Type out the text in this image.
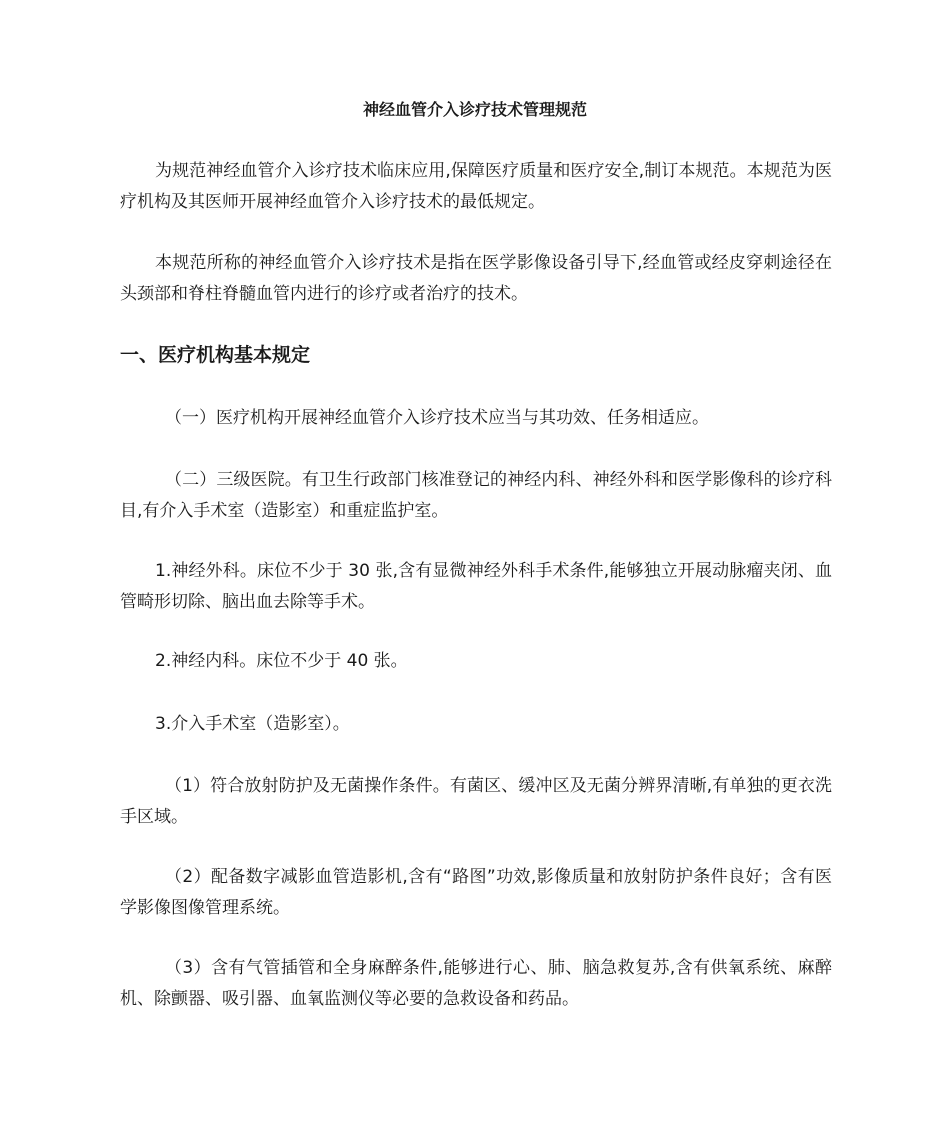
神经血管介入诊疗技术管理规范

为规范神经血管介入诊疗技术临床应用,保障医疗质量和医疗安全,制订本规范。本规范为医疗机构及其医师开展神经血管介入诊疗技术的最低规定。

本规范所称的神经血管介入诊疗技术是指在医学影像设备引导下,经血管或经皮穿刺途径在头颈部和脊柱脊髓血管内进行的诊疗或者治疗的技术。

一、医疗机构基本规定

（一）医疗机构开展神经血管介入诊疗技术应当与其功效、任务相适应。

（二）三级医院。有卫生行政部门核准登记的神经内科、神经外科和医学影像科的诊疗科目,有介入手术室（造影室）和重症监护室。

1.神经外科。床位不少于 30 张,含有显微神经外科手术条件,能够独立开展动脉瘤夹闭、血管畸形切除、脑出血去除等手术。

2.神经内科。床位不少于 40 张。

3.介入手术室（造影室）。

（1）符合放射防护及无菌操作条件。有菌区、缓冲区及无菌分辨界清晰,有单独的更衣洗手区域。

（2）配备数字减影血管造影机,含有“路图”功效,影像质量和放射防护条件良好；含有医学影像图像管理系统。

（3）含有气管插管和全身麻醉条件,能够进行心、肺、脑急救复苏,含有供氧系统、麻醉机、除颤器、吸引器、血氧监测仪等必要的急救设备和药品。
